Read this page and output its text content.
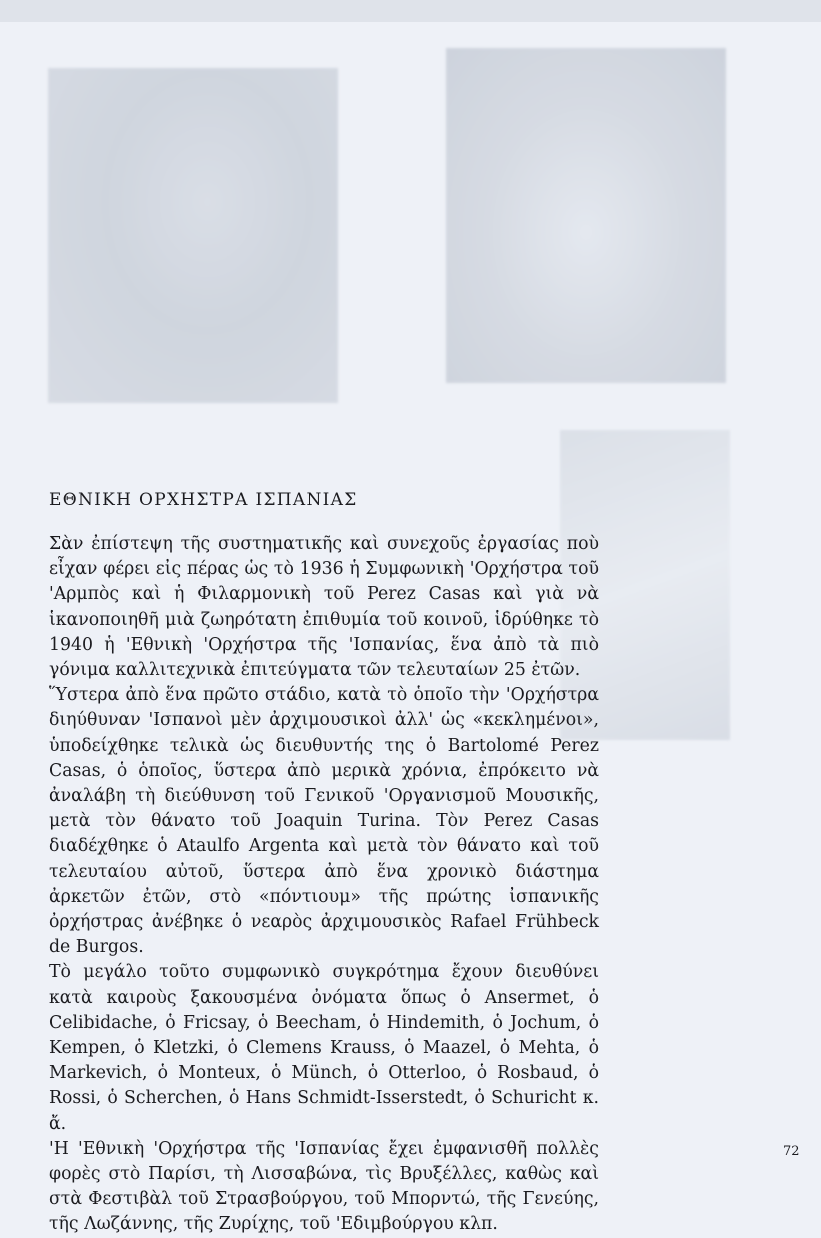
ΕΘΝΙΚΗ ΟΡΧΗΣΤΡΑ ΙΣΠΑΝΙΑΣ

Σὰν ἐπίστεψη τῆς συστηματικῆς καὶ συνεχοῦς ἐργασίας ποὺ εἶχαν φέρει εἰς πέρας ὡς τὸ 1936 ἡ Συμφωνικὴ 'Ορχήστρα τοῦ 'Αρμπὸς καὶ ἡ Φιλαρμονικὴ τοῦ Perez Casas καὶ γιὰ νὰ ἱκανοποιηθῆ μιὰ ζωηρότατη ἐπιθυμία τοῦ κοινοῦ, ἱδρύθηκε τὸ 1940 ἡ 'Εθνικὴ 'Ορχήστρα τῆς 'Ισπανίας, ἕνα ἀπὸ τὰ πιὸ γόνιμα καλλιτεχνικὰ ἐπιτεύγματα τῶν τελευταίων 25 ἐτῶν.

Ὕστερα ἀπὸ ἕνα πρῶτο στάδιο, κατὰ τὸ ὁποῖο τὴν 'Ορχήστρα διηύθυναν 'Ισπανοὶ μὲν ἀρχιμουσικοὶ ἀλλ' ὡς «κεκλημένοι», ὑποδείχθηκε τελικὰ ὡς διευθυντής της ὁ Bartolomé Perez Casas, ὁ ὁποῖος, ὕστερα ἀπὸ μερικὰ χρόνια, ἐπρόκειτο νὰ ἀναλάβη τὴ διεύθυνση τοῦ Γενικοῦ 'Οργανισμοῦ Μουσικῆς, μετὰ τὸν θάνατο τοῦ Joaquin Turina. Τὸν Perez Casas διαδέχθηκε ὁ Ataulfo Argenta καὶ μετὰ τὸν θάνατο καὶ τοῦ τελευταίου αὐτοῦ, ὕστερα ἀπὸ ἕνα χρονικὸ διάστημα ἀρκετῶν ἐτῶν, στὸ «πόντιουμ» τῆς πρώτης ἰσπανικῆς ὀρχήστρας ἀνέβηκε ὁ νεαρὸς ἀρχιμουσικὸς Rafael Frühbeck de Burgos.

Τὸ μεγάλο τοῦτο συμφωνικὸ συγκρότημα ἔχουν διευθύνει κατὰ καιροὺς ξακουσμένα ὀνόματα ὅπως ὁ Ansermet, ὁ Celibidache, ὁ Fricsay, ὁ Beecham, ὁ Hindemith, ὁ Jochum, ὁ Kempen, ὁ Kletzki, ὁ Clemens Krauss, ὁ Maazel, ὁ Mehta, ὁ Markevich, ὁ Monteux, ὁ Münch, ὁ Otterloo, ὁ Rosbaud, ὁ Rossi, ὁ Scherchen, ὁ Hans Schmidt-Isserstedt, ὁ Schuricht κ. ἄ.

'Η 'Εθνικὴ 'Ορχήστρα τῆς 'Ισπανίας ἔχει ἐμφανισθῆ πολλὲς φορὲς στὸ Παρίσι, τὴ Λισσαβώνα, τὶς Βρυξέλλες, καθὼς καὶ στὰ Φεστιβὰλ τοῦ Στρασβούργου, τοῦ Μπορντώ, τῆς Γενεύης, τῆς Λωζάννης, τῆς Ζυρίχης, τοῦ 'Εδιμβούργου κλπ.

72
